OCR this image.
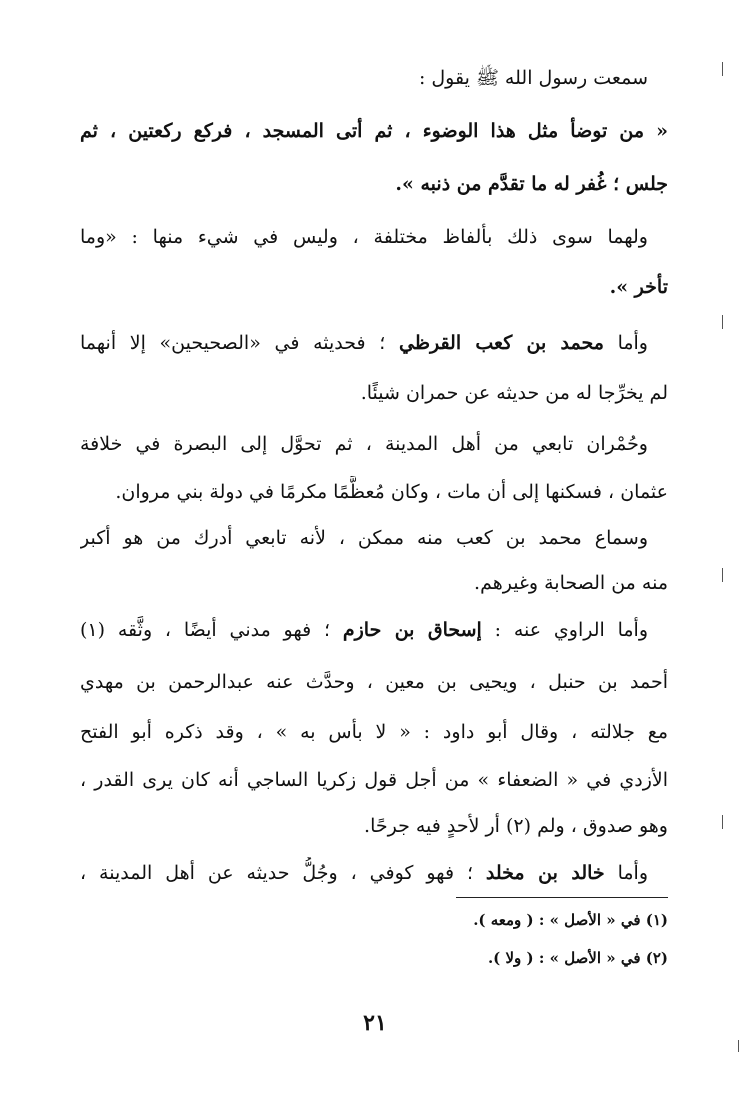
سمعت رسول الله ﷺ يقول :
« من توضأ مثل هذا الوضوء ، ثم أتى المسجد ، فركع ركعتين ، ثم
جلس ؛ غُفر له ما تقدَّم من ذنبه ».
ولهما سوى ذلك بألفاظ مختلفة ، وليس في شيء منها : «وما
تأخر ».
وأما محمد بن كعب القرظي ؛ فحديثه في «الصحيحين» إلا أنهما
لم يخرِّجا له من حديثه عن حمران شيئًا.
وحُمْران تابعي من أهل المدينة ، ثم تحوَّل إلى البصرة في خلافة
عثمان ، فسكنها إلى أن مات ، وكان مُعظَّمًا مكرمًا في دولة بني مروان.
وسماع محمد بن كعب منه ممكن ، لأنه تابعي أدرك من هو أكبر
منه من الصحابة وغيرهم.
وأما الراوي عنه : إسحاق بن حازم ؛ فهو مدني أيضًا ، وثَّقه (١)
أحمد بن حنبل ، ويحيى بن معين ، وحدَّث عنه عبدالرحمن بن مهدي
مع جلالته ، وقال أبو داود : « لا بأس به » ، وقد ذكره أبو الفتح
الأزدي في « الضعفاء » من أجل قول زكريا الساجي أنه كان يرى القدر ،
وهو صدوق ، ولم (٢) أر لأحدٍ فيه جرحًا.
وأما خالد بن مخلد ؛ فهو كوفي ، وجُلُّ حديثه عن أهل المدينة ،
(١) في « الأصل » : ( ومعه ).
(٢) في « الأصل » : ( ولا ).
٢١
